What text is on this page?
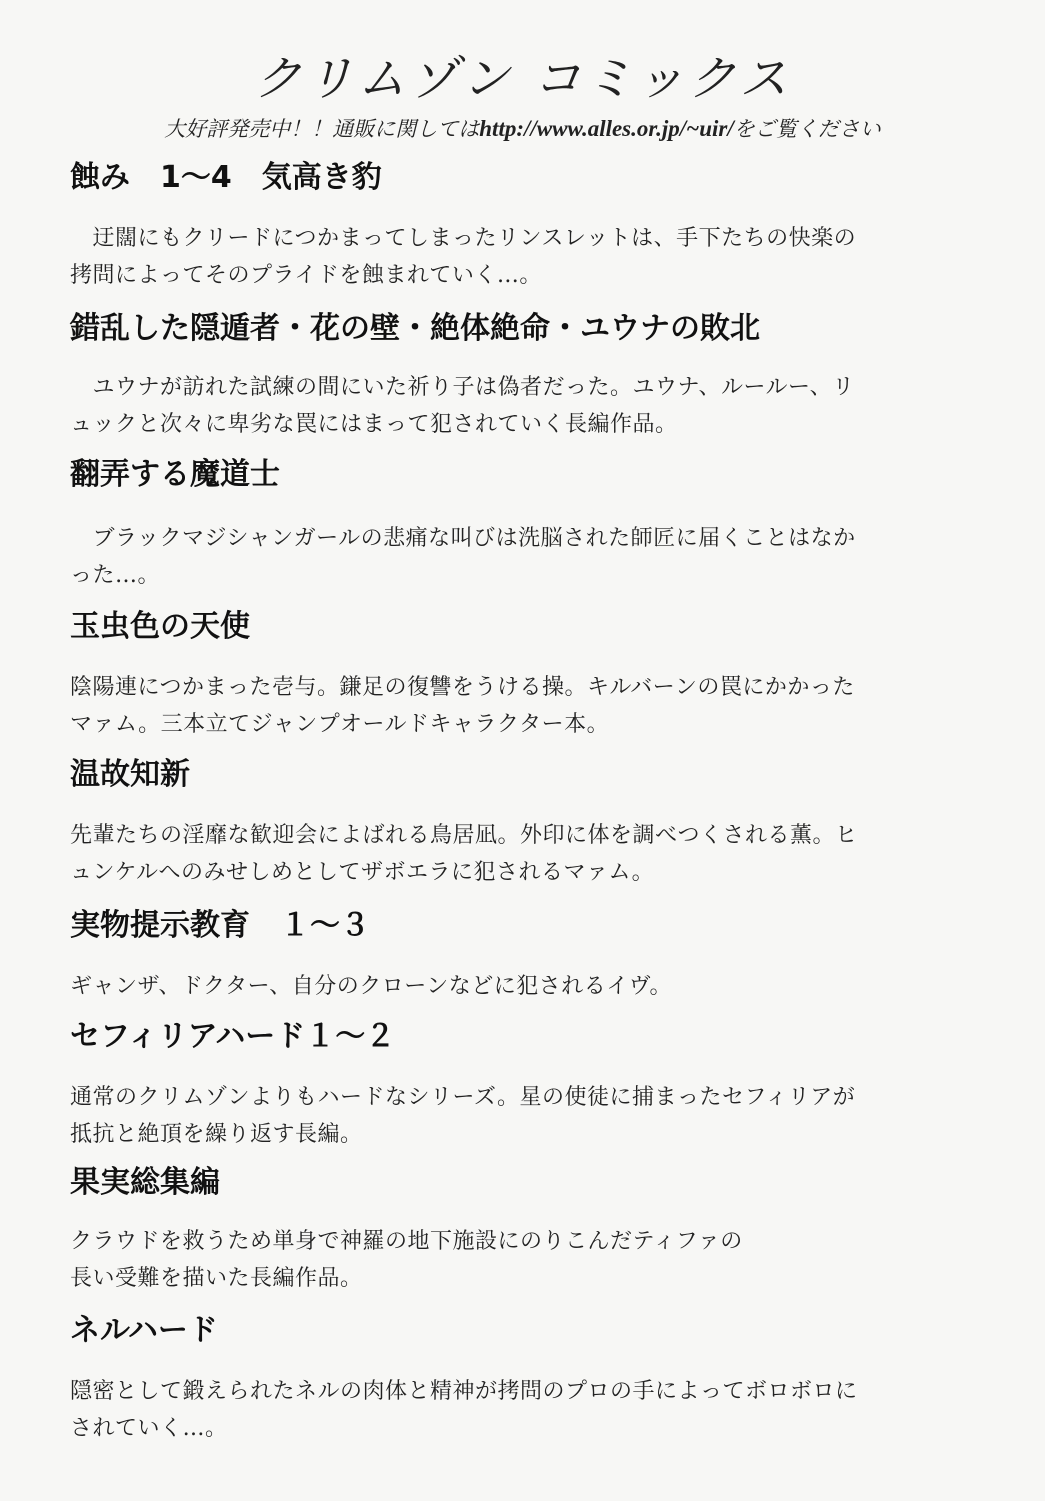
クリムゾン コミックス
大好評発売中！！通販に関してはhttp://www.alles.or.jp/~uir/をご覧ください
蝕み　1〜4　気高き豹

　迂闊にもクリードにつかまってしまったリンスレットは、手下たちの快楽の
拷問によってそのプライドを蝕まれていく…。

錯乱した隠遁者・花の壁・絶体絶命・ユウナの敗北

　ユウナが訪れた試練の間にいた祈り子は偽者だった。ユウナ、ルールー、リ
ュックと次々に卑劣な罠にはまって犯されていく長編作品。

翻弄する魔道士

　ブラックマジシャンガールの悲痛な叫びは洗脳された師匠に届くことはなか
った…。

玉虫色の天使

陰陽連につかまった壱与。鎌足の復讐をうける操。キルバーンの罠にかかった
マァム。三本立てジャンプオールドキャラクター本。

温故知新

先輩たちの淫靡な歓迎会によばれる鳥居凪。外印に体を調べつくされる薫。ヒ
ュンケルへのみせしめとしてザボエラに犯されるマァム。

実物提示教育　１〜３

ギャンザ、ドクター、自分のクローンなどに犯されるイヴ。

セフィリアハード１〜２

通常のクリムゾンよりもハードなシリーズ。星の使徒に捕まったセフィリアが
抵抗と絶頂を繰り返す長編。

果実総集編

クラウドを救うため単身で神羅の地下施設にのりこんだティファの
長い受難を描いた長編作品。

ネルハード

隠密として鍛えられたネルの肉体と精神が拷問のプロの手によってボロボロに
されていく…。
